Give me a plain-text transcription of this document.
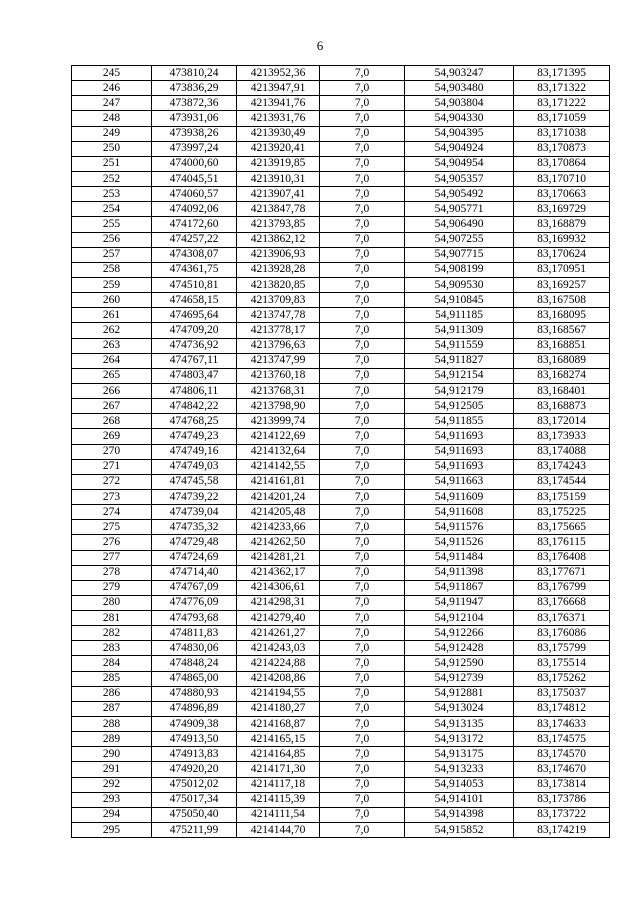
6
245	473810,24	4213952,36	7,0	54,903247	83,171395
246	473836,29	4213947,91	7,0	54,903480	83,171322
247	473872,36	4213941,76	7,0	54,903804	83,171222
248	473931,06	4213931,76	7,0	54,904330	83,171059
249	473938,26	4213930,49	7,0	54,904395	83,171038
250	473997,24	4213920,41	7,0	54,904924	83,170873
251	474000,60	4213919,85	7,0	54,904954	83,170864
252	474045,51	4213910,31	7,0	54,905357	83,170710
253	474060,57	4213907,41	7,0	54,905492	83,170663
254	474092,06	4213847,78	7,0	54,905771	83,169729
255	474172,60	4213793,85	7,0	54,906490	83,168879
256	474257,22	4213862,12	7,0	54,907255	83,169932
257	474308,07	4213906,93	7,0	54,907715	83,170624
258	474361,75	4213928,28	7,0	54,908199	83,170951
259	474510,81	4213820,85	7,0	54,909530	83,169257
260	474658,15	4213709,83	7,0	54,910845	83,167508
261	474695,64	4213747,78	7,0	54,911185	83,168095
262	474709,20	4213778,17	7,0	54,911309	83,168567
263	474736,92	4213796,63	7,0	54,911559	83,168851
264	474767,11	4213747,99	7,0	54,911827	83,168089
265	474803,47	4213760,18	7,0	54,912154	83,168274
266	474806,11	4213768,31	7,0	54,912179	83,168401
267	474842,22	4213798,90	7,0	54,912505	83,168873
268	474768,25	4213999,74	7,0	54,911855	83,172014
269	474749,23	4214122,69	7,0	54,911693	83,173933
270	474749,16	4214132,64	7,0	54,911693	83,174088
271	474749,03	4214142,55	7,0	54,911693	83,174243
272	474745,58	4214161,81	7,0	54,911663	83,174544
273	474739,22	4214201,24	7,0	54,911609	83,175159
274	474739,04	4214205,48	7,0	54,911608	83,175225
275	474735,32	4214233,66	7,0	54,911576	83,175665
276	474729,48	4214262,50	7,0	54,911526	83,176115
277	474724,69	4214281,21	7,0	54,911484	83,176408
278	474714,40	4214362,17	7,0	54,911398	83,177671
279	474767,09	4214306,61	7,0	54,911867	83,176799
280	474776,09	4214298,31	7,0	54,911947	83,176668
281	474793,68	4214279,40	7,0	54,912104	83,176371
282	474811,83	4214261,27	7,0	54,912266	83,176086
283	474830,06	4214243,03	7,0	54,912428	83,175799
284	474848,24	4214224,88	7,0	54,912590	83,175514
285	474865,00	4214208,86	7,0	54,912739	83,175262
286	474880,93	4214194,55	7,0	54,912881	83,175037
287	474896,89	4214180,27	7,0	54,913024	83,174812
288	474909,38	4214168,87	7,0	54,913135	83,174633
289	474913,50	4214165,15	7,0	54,913172	83,174575
290	474913,83	4214164,85	7,0	54,913175	83,174570
291	474920,20	4214171,30	7,0	54,913233	83,174670
292	475012,02	4214117,18	7,0	54,914053	83,173814
293	475017,34	4214115,39	7,0	54,914101	83,173786
294	475050,40	4214111,54	7,0	54,914398	83,173722
295	475211,99	4214144,70	7,0	54,915852	83,174219
